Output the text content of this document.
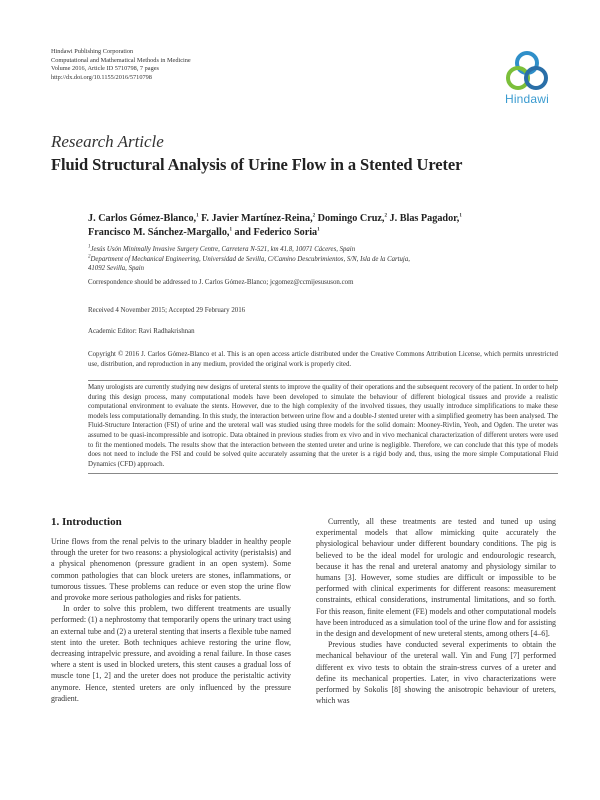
Hindawi Publishing Corporation
Computational and Mathematical Methods in Medicine
Volume 2016, Article ID 5710798, 7 pages
http://dx.doi.org/10.1155/2016/5710798
Hindawi
Research Article
Fluid Structural Analysis of Urine Flow in a Stented Ureter
J. Carlos Gómez-Blanco,$^1$ F. Javier Martínez-Reina,$^2$ Domingo Cruz,$^2$ J. Blas Pagador,$^1$
Francisco M. Sánchez-Margallo,$^1$ and Federico Soria$^1$
$^1$Jesús Usón Minimally Invasive Surgery Centre, Carretera N-521, km 41.8, 10071 Cáceres, Spain
$^2$Department of Mechanical Engineering, Universidad de Sevilla, C/Camino Descubrimientos, S/N, Isla de la Cartuja,
41092 Sevilla, Spain
Correspondence should be addressed to J. Carlos Gómez-Blanco; jcgomez@ccmijesususon.com
Received 4 November 2015; Accepted 29 February 2016
Academic Editor: Ravi Radhakrishnan
Copyright © 2016 J. Carlos Gómez-Blanco et al. This is an open access article distributed under the Creative Commons Attribution License, which permits unrestricted use, distribution, and reproduction in any medium, provided the original work is properly cited.
Many urologists are currently studying new designs of ureteral stents to improve the quality of their operations and the subsequent recovery of the patient. In order to help during this design process, many computational models have been developed to simulate the behaviour of different biological tissues and provide a realistic computational environment to evaluate the stents. However, due to the high complexity of the involved tissues, they usually introduce simplifications to make these models less computationally demanding. In this study, the interaction between urine flow and a double-J stented ureter with a simplified geometry has been analysed. The Fluid-Structure Interaction (FSI) of urine and the ureteral wall was studied using three models for the solid domain: Mooney-Rivlin, Yeoh, and Ogden. The ureter was assumed to be quasi-incompressible and isotropic. Data obtained in previous studies from ex vivo and in vivo mechanical characterization of different ureters were used to fit the mentioned models. The results show that the interaction between the stented ureter and urine is negligible. Therefore, we can conclude that this type of models does not need to include the FSI and could be solved quite accurately assuming that the ureter is a rigid body and, thus, using the more simple Computational Fluid Dynamics (CFD) approach.
1. Introduction

Urine flows from the renal pelvis to the urinary bladder in healthy people through the ureter for two reasons: a physiological activity (peristalsis) and a physical phenomenon (pressure gradient in an open system). Some common pathologies that can block ureters are stones, inflammations, or tumorous tissues. These problems can reduce or even stop the urine flow and provoke more serious pathologies and risks for patients.

In order to solve this problem, two different treatments are usually performed: (1) a nephrostomy that temporarily opens the urinary tract using an external tube and (2) a ureteral stenting that inserts a flexible tube named stent into the ureter. Both techniques achieve restoring the urine flow, decreasing intrapelvic pressure, and avoiding a renal failure. In those cases where a stent is used in blocked ureters, this stent causes a gradual loss of muscle tone [1, 2] and the ureter does not produce the peristaltic activity anymore. Hence, stented ureters are only influenced by the pressure gradient.

Currently, all these treatments are tested and tuned up using experimental models that allow mimicking quite accurately the physiological behaviour under different boundary conditions. The pig is believed to be the ideal model for urologic and endourologic research, because it has the renal and ureteral anatomy and physiology similar to humans [3]. However, some studies are difficult or impossible to be performed with clinical experiments for different reasons: measurement constraints, ethical considerations, instrumental limitations, and so forth. For this reason, finite element (FE) models and other computational models have been introduced as a simulation tool of the urine flow and for assisting in the design and development of new ureteral stents, among others [4–6].

Previous studies have conducted several experiments to obtain the mechanical behaviour of the ureteral wall. Yin and Fung [7] performed different ex vivo tests to obtain the strain-stress curves of a ureter and define its mechanical properties. Later, in vivo characterizations were performed by Sokolis [8] showing the anisotropic behaviour of ureters, which was
